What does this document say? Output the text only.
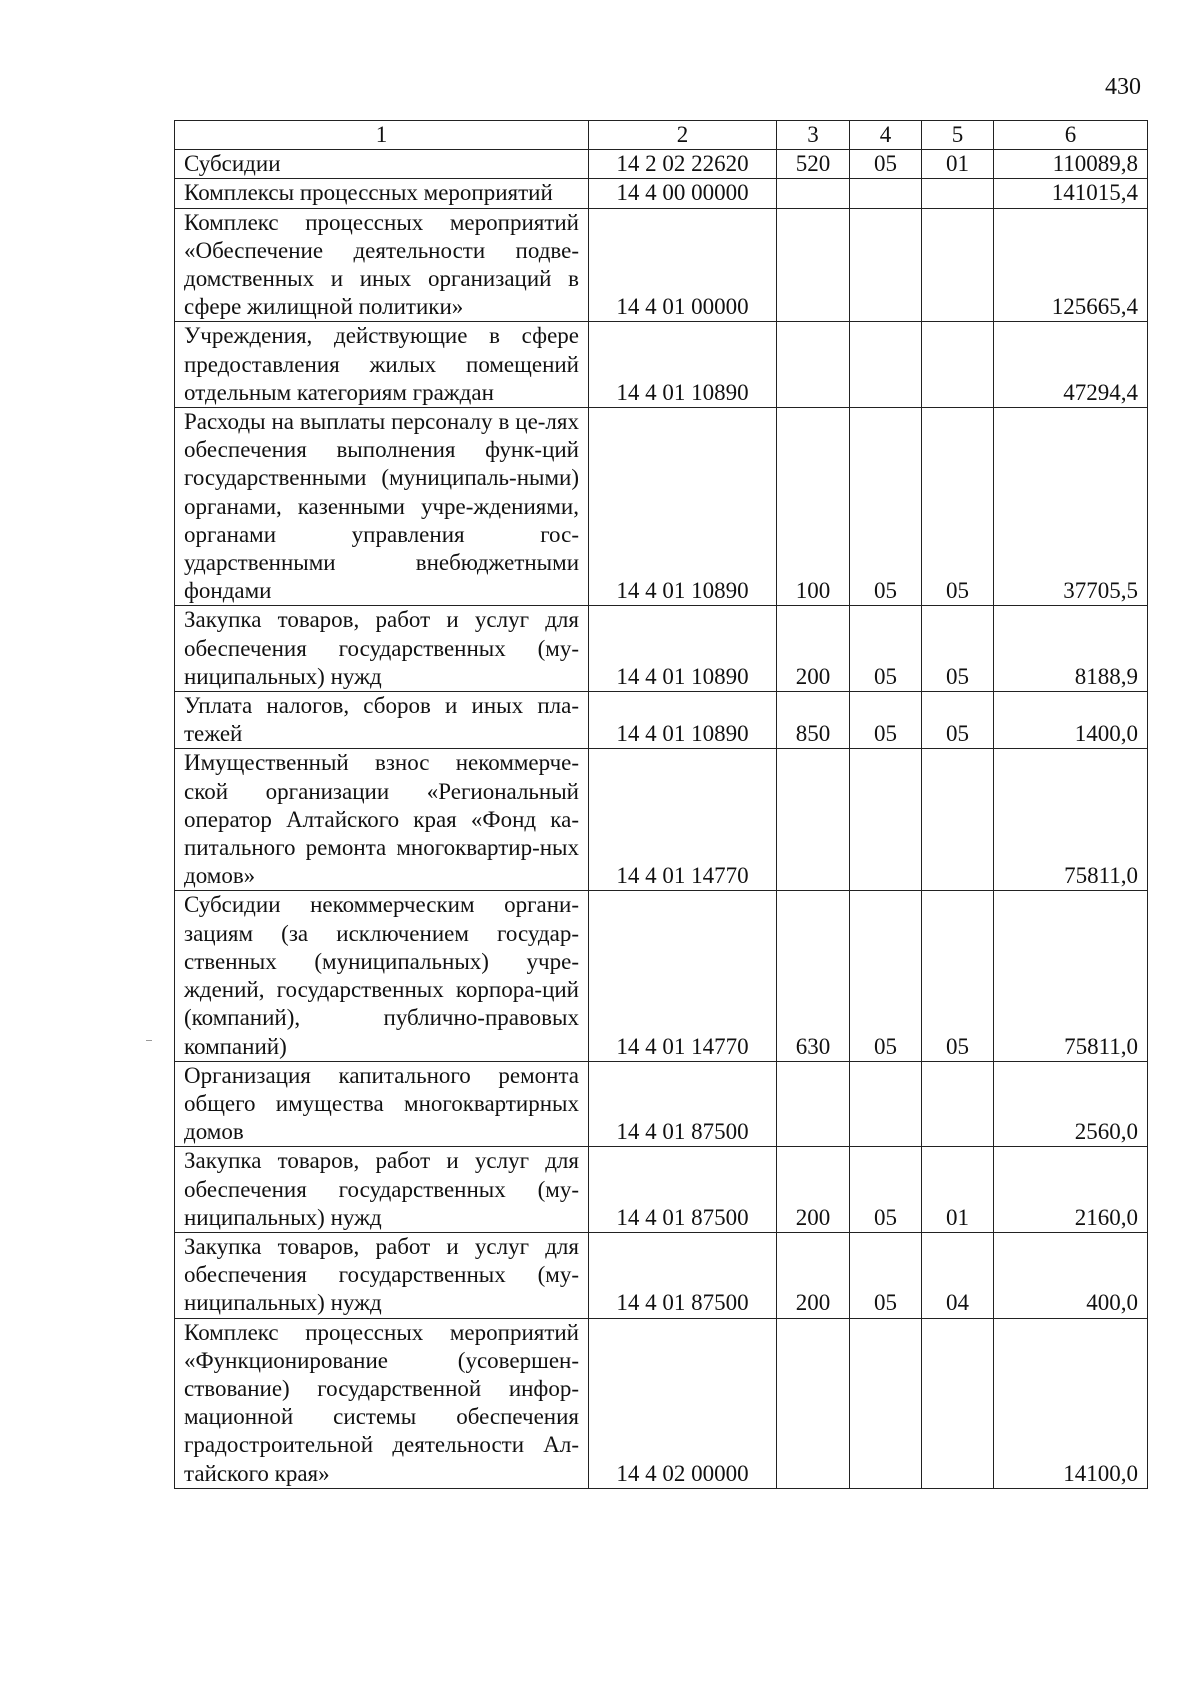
430
1	2	3	4	5	6
Субсидии	14 2 02 22620	520	05	01	110089,8
Комплексы процессных мероприятий	14 4 00 00000				141015,4
Комплекс процессных мероприятий «Обеспечение деятельности подве-домственных и иных организаций в сфере жилищной политики»	14 4 01 00000				125665,4
Учреждения, действующие в сфере предоставления жилых помещений отдельным категориям граждан	14 4 01 10890				47294,4
Расходы на выплаты персоналу в це-лях обеспечения выполнения функ-ций государственными (муниципаль-ными) органами, казенными учре-ждениями, органами управления гос-ударственными внебюджетными фондами	14 4 01 10890	100	05	05	37705,5
Закупка товаров, работ и услуг для обеспечения государственных (му-ниципальных) нужд	14 4 01 10890	200	05	05	8188,9
Уплата налогов, сборов и иных пла-тежей	14 4 01 10890	850	05	05	1400,0
Имущественный взнос некоммерче-ской организации «Региональный оператор Алтайского края «Фонд ка-питального ремонта многоквартир-ных домов»	14 4 01 14770				75811,0
Субсидии некоммерческим органи-зациям (за исключением государ-ственных (муниципальных) учре-ждений, государственных корпора-ций (компаний), публично-правовых компаний)	14 4 01 14770	630	05	05	75811,0
Организация капитального ремонта общего имущества многоквартирных домов	14 4 01 87500				2560,0
Закупка товаров, работ и услуг для обеспечения государственных (му-ниципальных) нужд	14 4 01 87500	200	05	01	2160,0
Закупка товаров, работ и услуг для обеспечения государственных (му-ниципальных) нужд	14 4 01 87500	200	05	04	400,0
Комплекс процессных мероприятий «Функционирование (усовершен-ствование) государственной инфор-мационной системы обеспечения градостроительной деятельности Ал-тайского края»	14 4 02 00000				14100,0
